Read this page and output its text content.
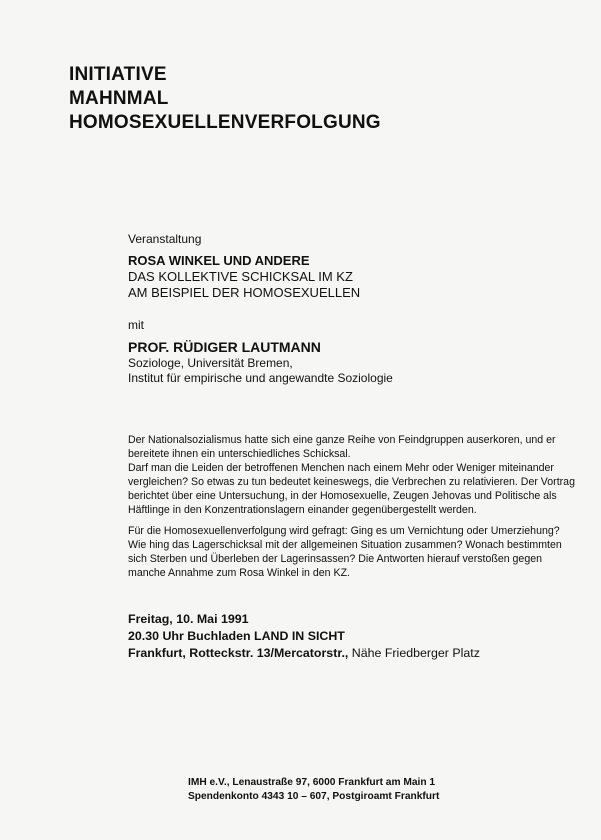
INITIATIVE
MAHNMAL
HOMOSEXUELLENVERFOLGUNG
Veranstaltung
ROSA WINKEL UND ANDERE
DAS KOLLEKTIVE SCHICKSAL IM KZ
AM BEISPIEL DER HOMOSEXUELLEN
mit
PROF. RÜDIGER LAUTMANN
Soziologe, Universität Bremen,
Institut für empirische und angewandte Soziologie

Der Nationalsozialismus hatte sich eine ganze Reihe von Feindgruppen auserkoren, und er
bereitete ihnen ein unterschiedliches Schicksal.
Darf man die Leiden der betroffenen Menchen nach einem Mehr oder Weniger miteinander
vergleichen? So etwas zu tun bedeutet keineswegs, die Verbrechen zu relativieren. Der Vortrag
berichtet über eine Untersuchung, in der Homosexuelle, Zeugen Jehovas und Politische als
Häftlinge in den Konzentrationslagern einander gegenübergestellt werden.

Für die Homosexuellenverfolgung wird gefragt: Ging es um Vernichtung oder Umerziehung?
Wie hing das Lagerschicksal mit der allgemeinen Situation zusammen? Wonach bestimmten
sich Sterben und Überleben der Lagerinsassen? Die Antworten hierauf verstoßen gegen
manche Annahme zum Rosa Winkel in den KZ.

Freitag, 10. Mai 1991
20.30 Uhr Buchladen LAND IN SICHT
Frankfurt, Rotteckstr. 13/Mercatorstr., Nähe Friedberger Platz
IMH e.V., Lenaustraße 97, 6000 Frankfurt am Main 1
Spendenkonto 4343 10 – 607, Postgiroamt Frankfurt
